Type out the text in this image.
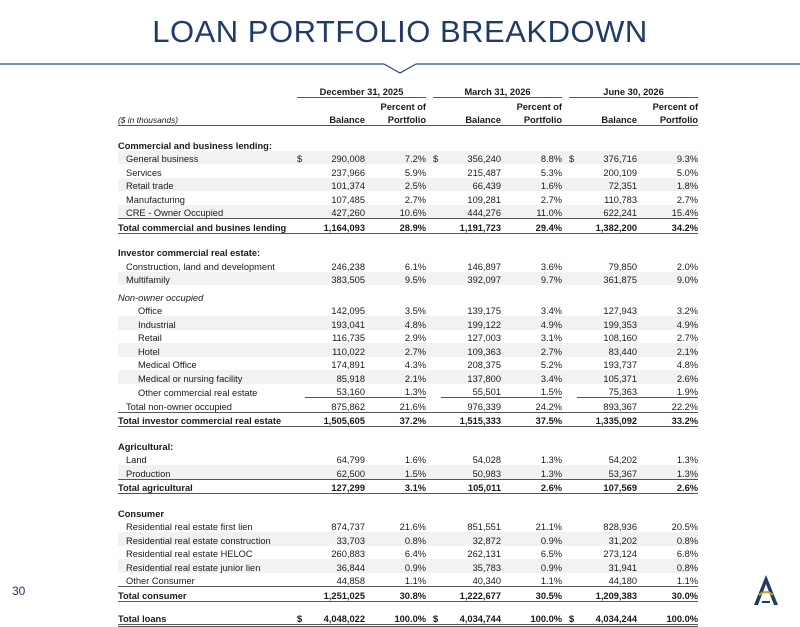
LOAN PORTFOLIO BREAKDOWN
		December 31, 2025				March 31, 2026				June 30, 2026		
				Percent of				Percent of				Percent of
($ in thousands)			Balance	Portfolio			Balance	Portfolio			Balance	Portfolio

Commercial and business lending:												
General business		$	290,008	7.2%		$	356,240	8.8%		$	376,716	9.3%
Services			237,966	5.9%			215,487	5.3%			200,109	5.0%
Retail trade			101,374	2.5%			66,439	1.6%			72,351	1.8%
Manufacturing			107,485	2.7%			109,281	2.7%			110,783	2.7%
CRE - Owner Occupied			427,260	10.6%			444,276	11.0%			622,241	15.4%
Total commercial and busines lending			1,164,093	28.9%			1,191,723	29.4%			1,382,200	34.2%

Investor commercial real estate:												
Construction, land and development			246,238	6.1%			146,897	3.6%			79,850	2.0%
Multifamily			383,505	9.5%			392,097	9.7%			361,875	9.0%
Non-owner occupied												
Office			142,095	3.5%			139,175	3.4%			127,943	3.2%
Industrial			193,041	4.8%			199,122	4.9%			199,353	4.9%
Retail			116,735	2.9%			127,003	3.1%			108,160	2.7%
Hotel			110,022	2.7%			109,363	2.7%			83,440	2.1%
Medical Office			174,891	4.3%			208,375	5.2%			193,737	4.8%
Medical or nursing facility			85,918	2.1%			137,800	3.4%			105,371	2.6%
Other commercial real estate			53,160	1.3%			55,501	1.5%			75,363	1.9%
Total non-owner occupied			875,862	21.6%			976,339	24.2%			893,367	22.2%
Total investor commercial real estate			1,505,605	37.2%			1,515,333	37.5%			1,335,092	33.2%

Agricultural:												
Land			64,799	1.6%			54,028	1.3%			54,202	1.3%
Production			62,500	1.5%			50,983	1.3%			53,367	1.3%
Total agricultural			127,299	3.1%			105,011	2.6%			107,569	2.6%

Consumer												
Residential real estate first lien			874,737	21.6%			851,551	21.1%			828,936	20.5%
Residential real estate construction			33,703	0.8%			32,872	0.9%			31,202	0.8%
Residential real estate HELOC			260,883	6.4%			262,131	6.5%			273,124	6.8%
Residential real estate junior lien			36,844	0.9%			35,783	0.9%			31,941	0.8%
Other Consumer			44,858	1.1%			40,340	1.1%			44,180	1.1%
Total consumer			1,251,025	30.8%			1,222,677	30.5%			1,209,383	30.0%

Total loans		$	4,048,022	100.0%		$	4,034,744	100.0%		$	4,034,244	100.0%
30
